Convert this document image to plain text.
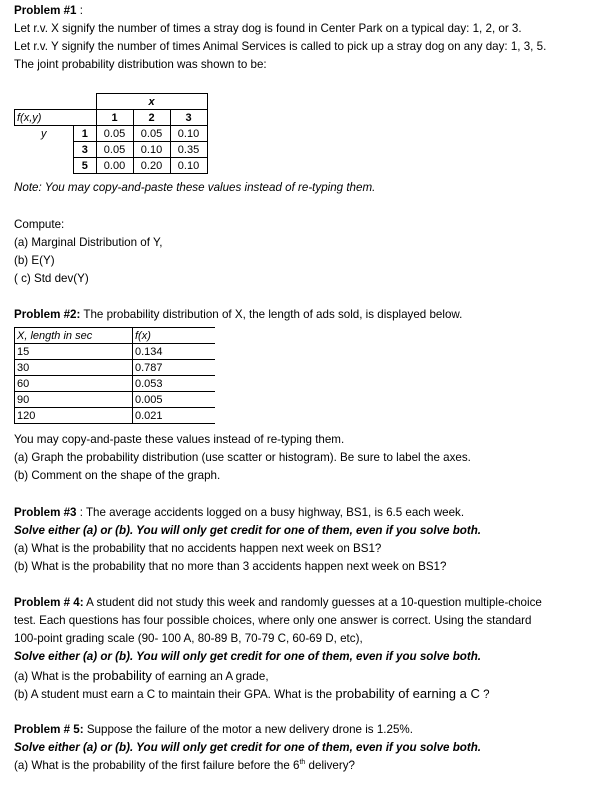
Problem #1 :
Let r.v. X signify the number of times a stray dog is found in Center Park on a typical day: 1, 2, or 3.
Let r.v. Y signify the number of times Animal Services is called to pick up a stray dog on any day: 1, 3, 5.
The joint probability distribution was shown to be:
		x		
f(x,y)		1	2	3
y	1	0.05	0.05	0.10
	3	0.05	0.10	0.35
	5	0.00	0.20	0.10
Note: You may copy-and-paste these values instead of re-typing them.
Compute:
(a) Marginal Distribution of Y,
(b) E(Y)
( c) Std dev(Y)
Problem #2: The probability distribution of X, the length of ads sold, is displayed below.
X, length in sec	f(x)
15	0.134
30	0.787
60	0.053
90	0.005
120	0.021
You may copy-and-paste these values instead of re-typing them.
(a) Graph the probability distribution (use scatter or histogram). Be sure to label the axes.
(b) Comment on the shape of the graph.
Problem #3 : The average accidents logged on a busy highway, BS1, is 6.5 each week.
Solve either (a) or (b). You will only get credit for one of them, even if you solve both.
(a) What is the probability that no accidents happen next week on BS1?
(b) What is the probability that no more than 3 accidents happen next week on BS1?
Problem # 4: A student did not study this week and randomly guesses at a 10-question multiple-choice
test. Each questions has four possible choices, where only one answer is correct. Using the standard
100-point grading scale (90- 100 A, 80-89 B, 70-79 C, 60-69 D, etc),
Solve either (a) or (b). You will only get credit for one of them, even if you solve both.
(a) What is the probability of earning an A grade,
(b) A student must earn a C to maintain their GPA. What is the probability of earning a C ?
Problem # 5: Suppose the failure of the motor a new delivery drone is 1.25%.
Solve either (a) or (b). You will only get credit for one of them, even if you solve both.
(a) What is the probability of the first failure before the 6th delivery?
